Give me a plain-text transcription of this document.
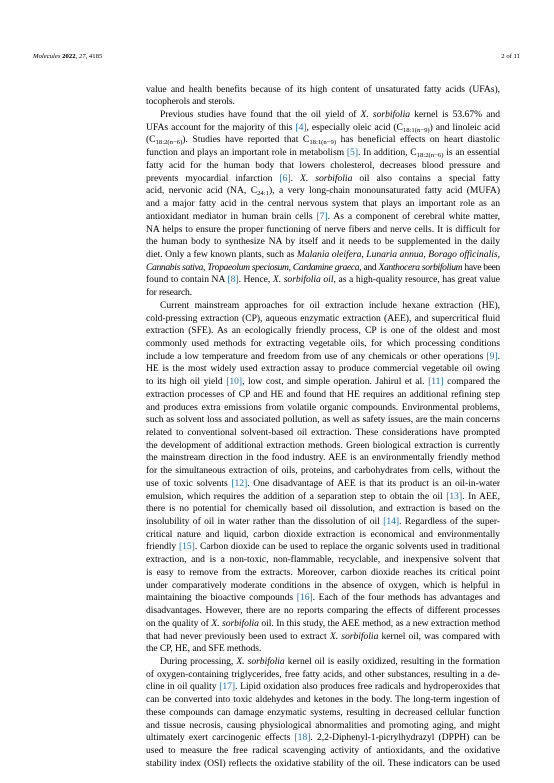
Molecules 2022, 27, 4185	2 of 11
value and health benefits because of its high content of unsaturated fatty acids (UFAs),
tocopherols and sterols.
Previous studies have found that the oil yield of X. sorbifolia kernel is 53.67% and
UFAs account for the majority of this [4], especially oleic acid $(C_{18:1(n-9)})$ and linoleic acid
$(C_{18:2(n-6)})$. Studies have reported that $C_{18:1(n-9)}$ has beneficial effects on heart diastolic
function and plays an important role in metabolism [5]. In addition, $C_{18:2(n-6)}$ is an essential
fatty acid for the human body that lowers cholesterol, decreases blood pressure and
prevents myocardial infarction [6]. X. sorbifolia oil also contains a special fatty
acid, nervonic acid (NA, $C_{24:1}$), a very long-chain monounsaturated fatty acid (MUFA)
and a major fatty acid in the central nervous system that plays an important role as an
antioxidant mediator in human brain cells [7]. As a component of cerebral white matter,
NA helps to ensure the proper functioning of nerve fibers and nerve cells. It is difficult for
the human body to synthesize NA by itself and it needs to be supplemented in the daily
diet. Only a few known plants, such as Malania oleifera, Lunaria annua, Borago officinalis,
Cannabis sativa, Tropaeolum speciosum, Cardamine graeca, and Xanthocera sorbifolium have been
found to contain NA [8]. Hence, X. sorbifolia oil, as a high-quality resource, has great value
for research.
Current mainstream approaches for oil extraction include hexane extraction (HE),
cold-pressing extraction (CP), aqueous enzymatic extraction (AEE), and supercritical fluid
extraction (SFE). As an ecologically friendly process, CP is one of the oldest and most
commonly used methods for extracting vegetable oils, for which processing conditions
include a low temperature and freedom from use of any chemicals or other operations [9].
HE is the most widely used extraction assay to produce commercial vegetable oil owing
to its high oil yield [10], low cost, and simple operation. Jahirul et al. [11] compared the
extraction processes of CP and HE and found that HE requires an additional refining step
and produces extra emissions from volatile organic compounds. Environmental problems,
such as solvent loss and associated pollution, as well as safety issues, are the main concerns
related to conventional solvent-based oil extraction. These considerations have prompted
the development of additional extraction methods. Green biological extraction is currently
the mainstream direction in the food industry. AEE is an environmentally friendly method
for the simultaneous extraction of oils, proteins, and carbohydrates from cells, without the
use of toxic solvents [12]. One disadvantage of AEE is that its product is an oil-in-water
emulsion, which requires the addition of a separation step to obtain the oil [13]. In AEE,
there is no potential for chemically based oil dissolution, and extraction is based on the
insolubility of oil in water rather than the dissolution of oil [14]. Regardless of the super-
critical nature and liquid, carbon dioxide extraction is economical and environmentally
friendly [15]. Carbon dioxide can be used to replace the organic solvents used in traditional
extraction, and is a non-toxic, non-flammable, recyclable, and inexpensive solvent that
is easy to remove from the extracts. Moreover, carbon dioxide reaches its critical point
under comparatively moderate conditions in the absence of oxygen, which is helpful in
maintaining the bioactive compounds [16]. Each of the four methods has advantages and
disadvantages. However, there are no reports comparing the effects of different processes
on the quality of X. sorbifolia oil. In this study, the AEE method, as a new extraction method
that had never previously been used to extract X. sorbifolia kernel oil, was compared with
the CP, HE, and SFE methods.
During processing, X. sorbifolia kernel oil is easily oxidized, resulting in the formation
of oxygen-containing triglycerides, free fatty acids, and other substances, resulting in a de-
cline in oil quality [17]. Lipid oxidation also produces free radicals and hydroperoxides that
can be converted into toxic aldehydes and ketones in the body. The long-term ingestion of
these compounds can damage enzymatic systems, resulting in decreased cellular function
and tissue necrosis, causing physiological abnormalities and promoting aging, and might
ultimately exert carcinogenic effects [18]. 2,2-Diphenyl-1-picrylhydrazyl (DPPH) can be
used to measure the free radical scavenging activity of antioxidants, and the oxidative
stability index (OSI) reflects the oxidative stability of the oil. These indicators can be used
